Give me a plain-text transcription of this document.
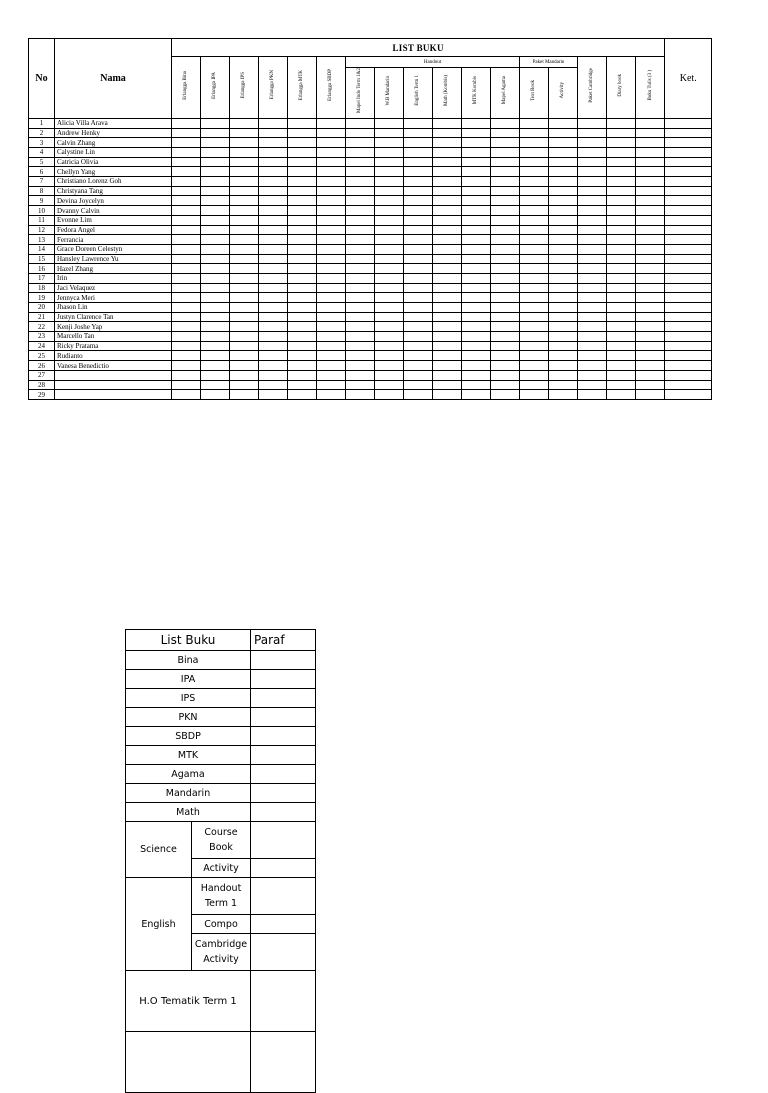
No	Nama	LIST BUKU																	Ket.
		Erlangga Bina	Erlangga IPA	Erlangga IPS	Erlangga PKN	Erlangga MTK	Erlangga SBDP	Handout						Paket Mandarin		Paket Cambridge	Diary book	Buku Tulis (3 )	
								Mapel Indo Term 1&2	W.B Mandarin	English Term 1	Math (Kombis)	MTK Kombis	Mapel Agama	Text Book	Activity				
1	Alicia Villa Arava																		
2	Andrew Henky																		
3	Calvin Zhang																		
4	Calystine Lin																		
5	Catricia Olivia																		
6	Chellyn Yang																		
7	Christiano Lorenz Goh																		
8	Christyana Tang																		
9	Devina Joycelyn																		
10	Dvanny Calvin																		
11	Evonne Lim																		
12	Fedora Angel																		
13	Ferrancia																		
14	Grace Doreen Celestyn																		
15	Hansley Lawrence Yu																		
16	Hazel Zhang																		
17	Irin																		
18	Jaci Velaquez																		
19	Jennyca Meri																		
20	Jhason Lin																		
21	Justyn Clarence Tan																		
22	Kenji Joshe Yap																		
23	Marcello Tan																		
24	Ricky Pratama																		
25	Rudianto																		
26	Vanesa Benedictio																		
27																			
28																			
29																			
List Buku		Paraf
Bina		
IPA		
IPS		
PKN		
SBDP		
MTK		
Agama		
Mandarin		
Math		
Science	Course Book	
	Activity	
English	Handout Term 1	
	Compo	
	Cambridge Activity	
H.O Tematik Term 1		
